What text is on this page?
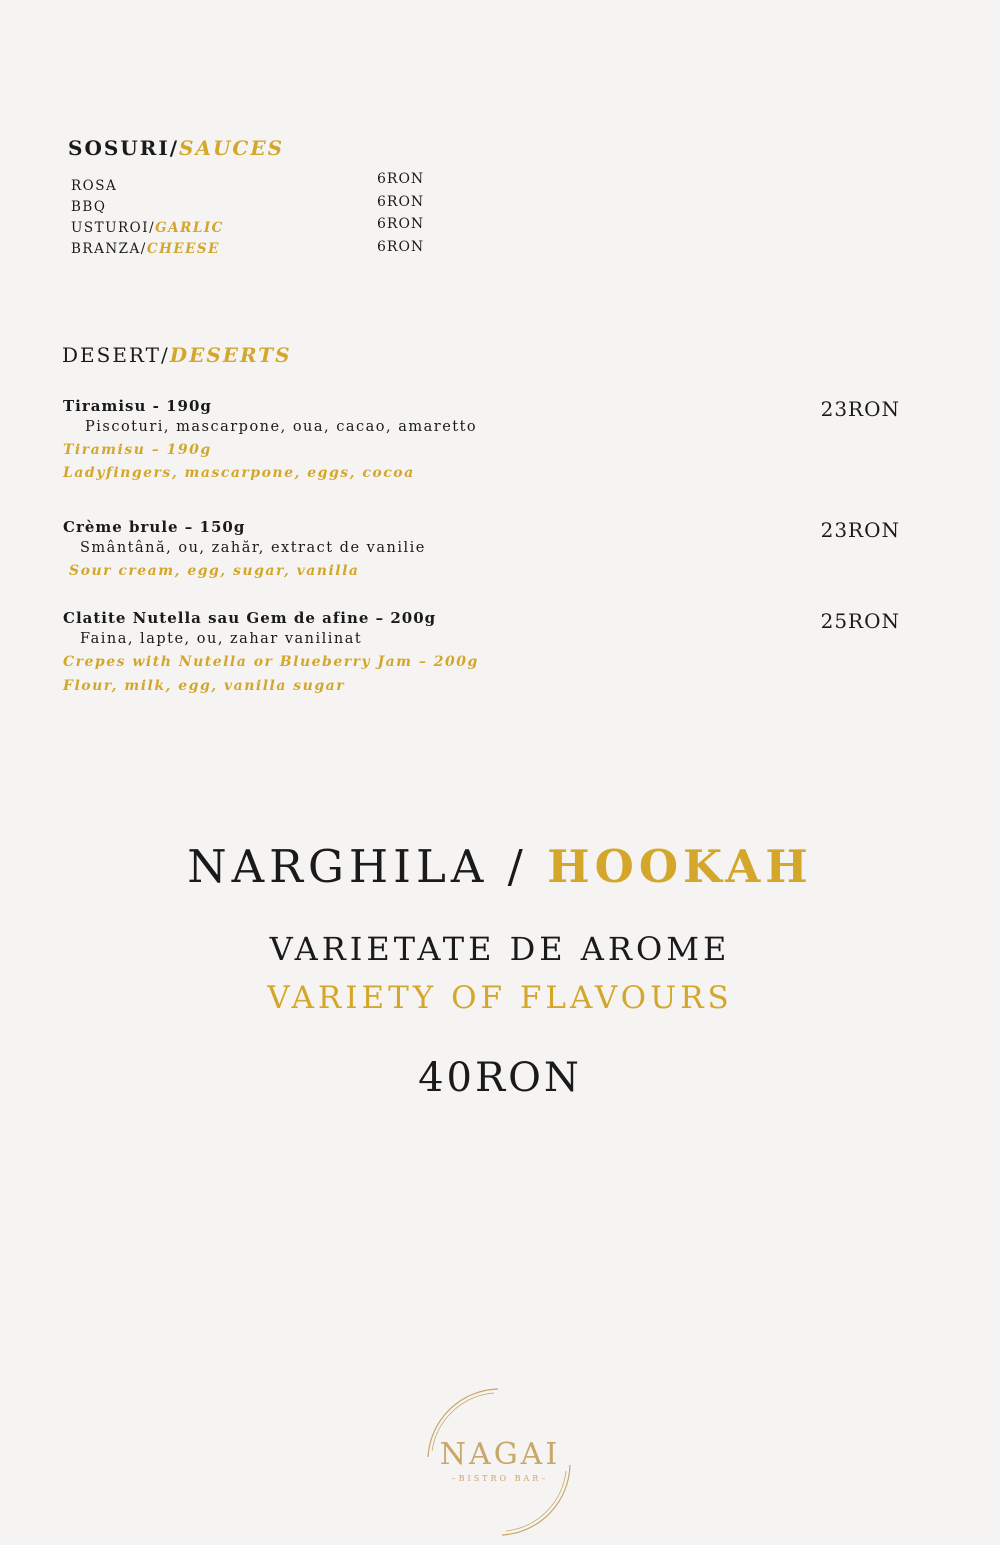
SOSURI/SAUCES
ROSA
BBQ
USTUROI/GARLIC
BRANZA/CHEESE
6RON
6RON
6RON
6RON
DESERT/DESERTS
Tiramisu - 190g
Piscoturi, mascarpone, oua, cacao, amaretto
Tiramisu – 190g
Ladyfingers, mascarpone, eggs, cocoa
23RON
Crème brule – 150g
Smântână, ou, zahăr, extract de vanilie
Sour cream, egg, sugar, vanilla
23RON
Clatite Nutella sau Gem de afine – 200g
Faina, lapte, ou, zahar vanilinat
Crepes with Nutella or Blueberry Jam – 200g
Flour, milk, egg, vanilla sugar
25RON
NARGHILA / HOOKAH
VARIETATE DE AROME
VARIETY OF FLAVOURS
40RON
NAGAI
–BISTRO BAR–
